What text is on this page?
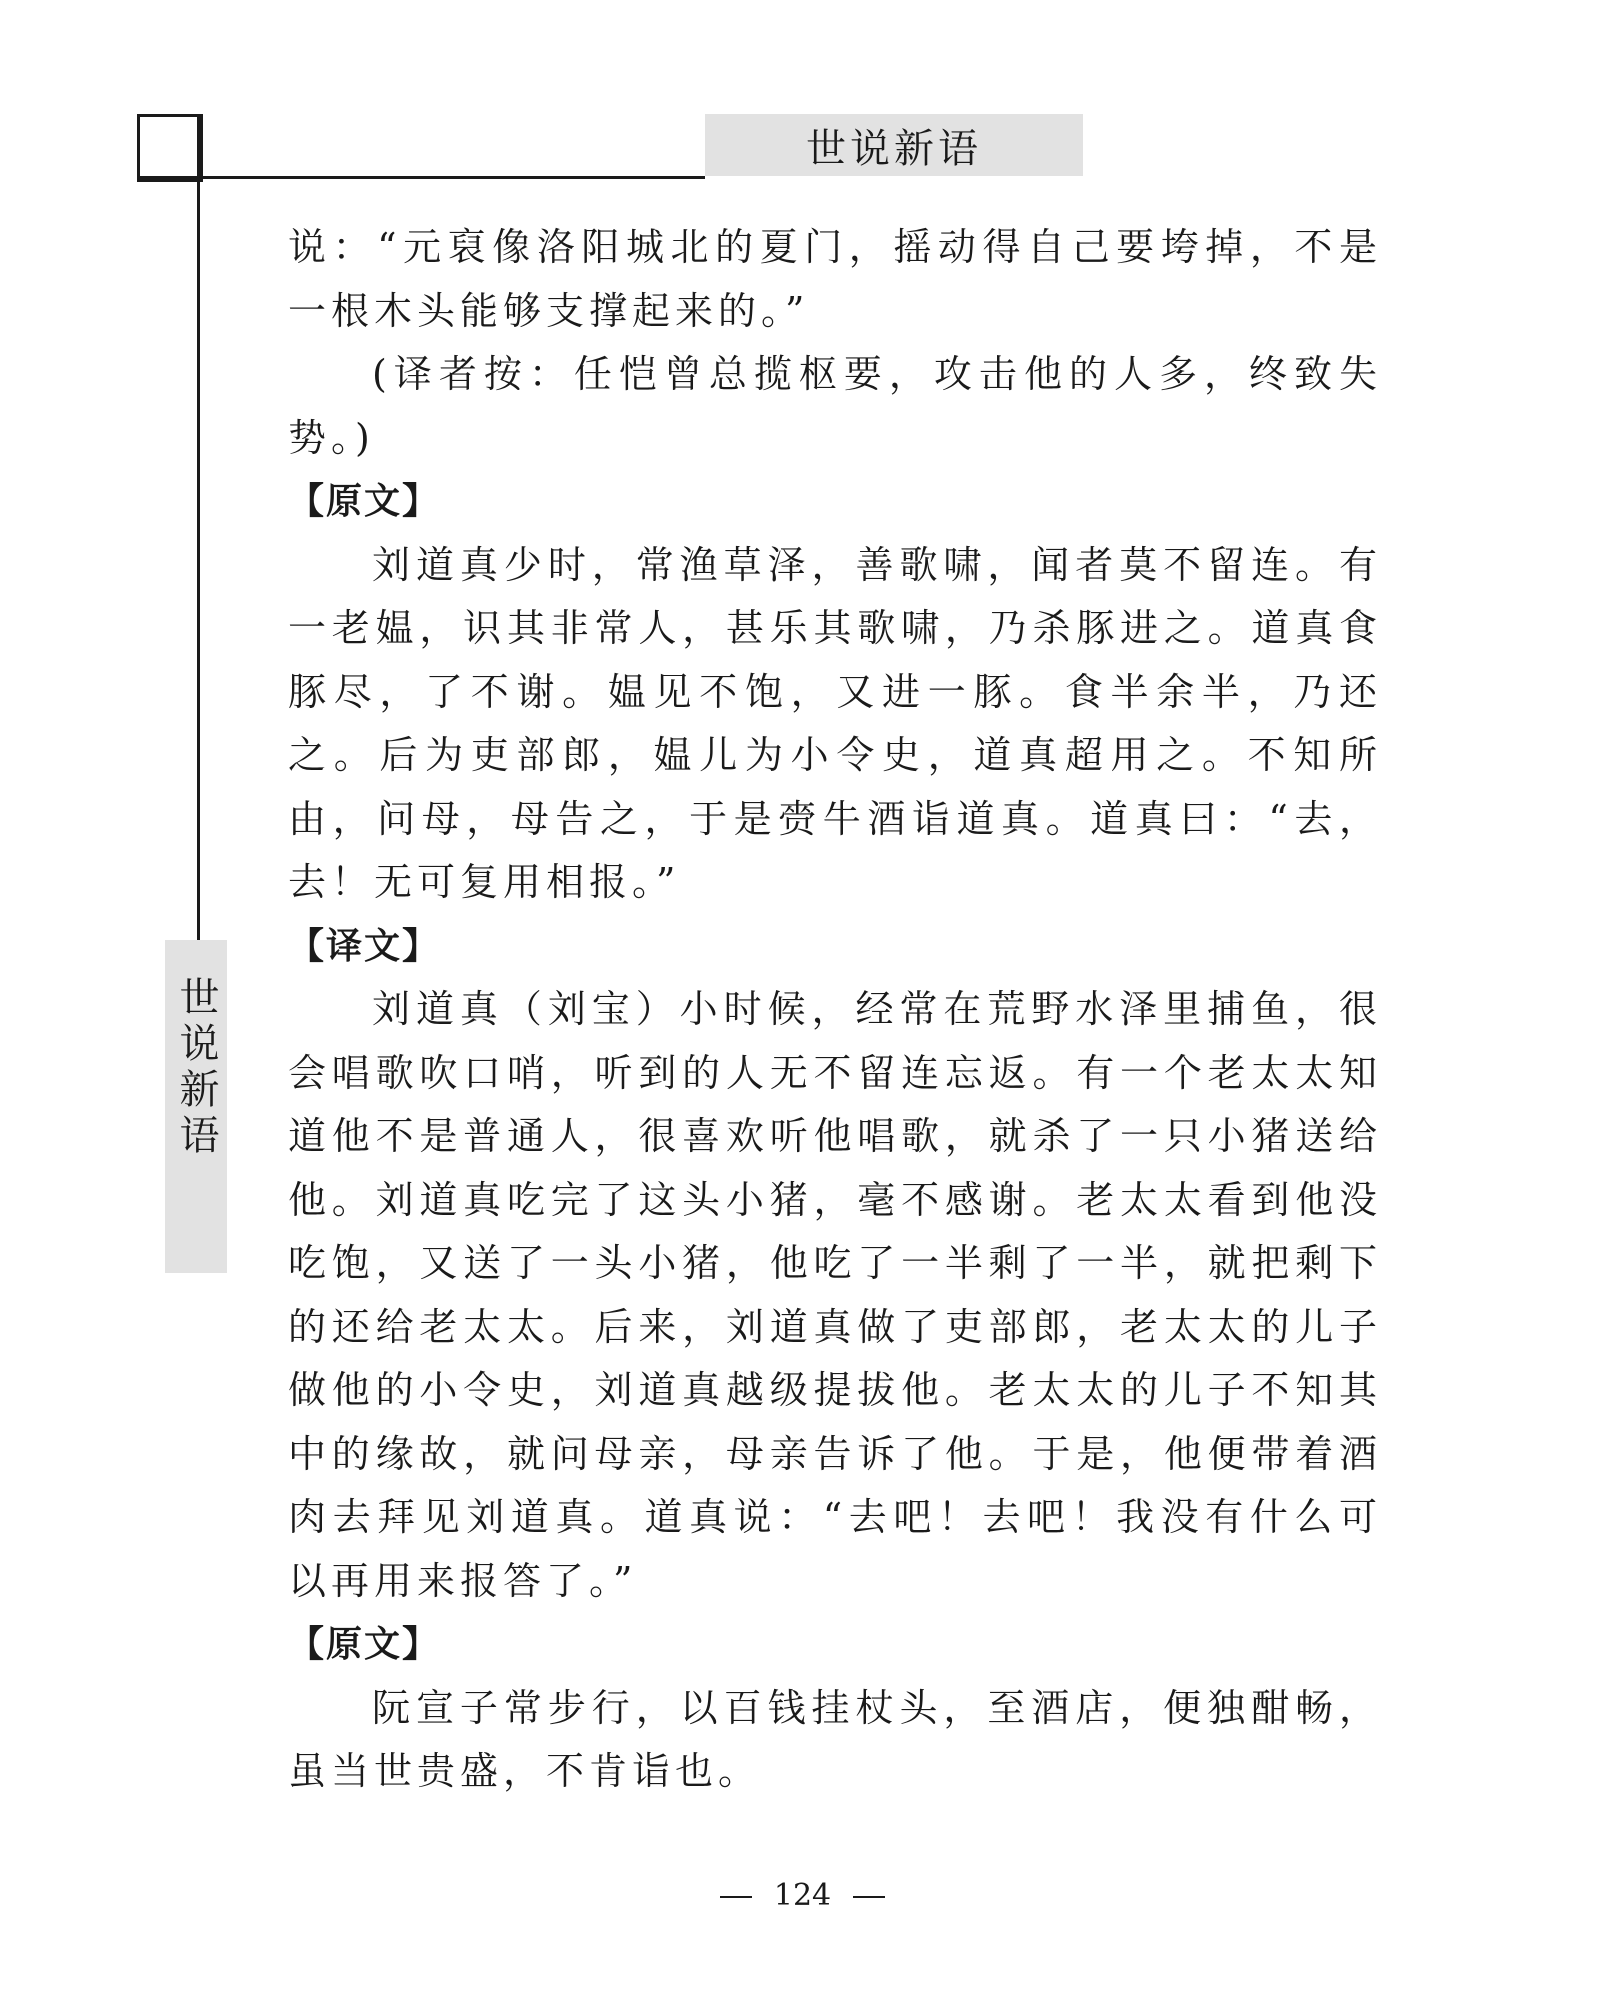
世说新语
世说新语

说：“元裒像洛阳城北的夏门，摇动得自己要垮掉，不是一根木头能够支撑起来的。”

(译者按：任恺曾总揽枢要，攻击他的人多，终致失势。)

【原文】

刘道真少时，常渔草泽，善歌啸，闻者莫不留连。有一老媪，识其非常人，甚乐其歌啸，乃杀豚进之。道真食豚尽，了不谢。媪见不饱，又进一豚。食半余半，乃还之。后为吏部郎，媪儿为小令史，道真超用之。不知所由，问母，母告之，于是赍牛酒诣道真。道真曰：“去，去！无可复用相报。”

【译文】

刘道真（刘宝）小时候，经常在荒野水泽里捕鱼，很会唱歌吹口哨，听到的人无不留连忘返。有一个老太太知道他不是普通人，很喜欢听他唱歌，就杀了一只小猪送给他。刘道真吃完了这头小猪，毫不感谢。老太太看到他没吃饱，又送了一头小猪，他吃了一半剩了一半，就把剩下的还给老太太。后来，刘道真做了吏部郎，老太太的儿子做他的小令史，刘道真越级提拔他。老太太的儿子不知其中的缘故，就问母亲，母亲告诉了他。于是，他便带着酒肉去拜见刘道真。道真说：“去吧！去吧！我没有什么可以再用来报答了。”

【原文】

阮宣子常步行，以百钱挂杖头，至酒店，便独酣畅，虽当世贵盛，不肯诣也。

124
